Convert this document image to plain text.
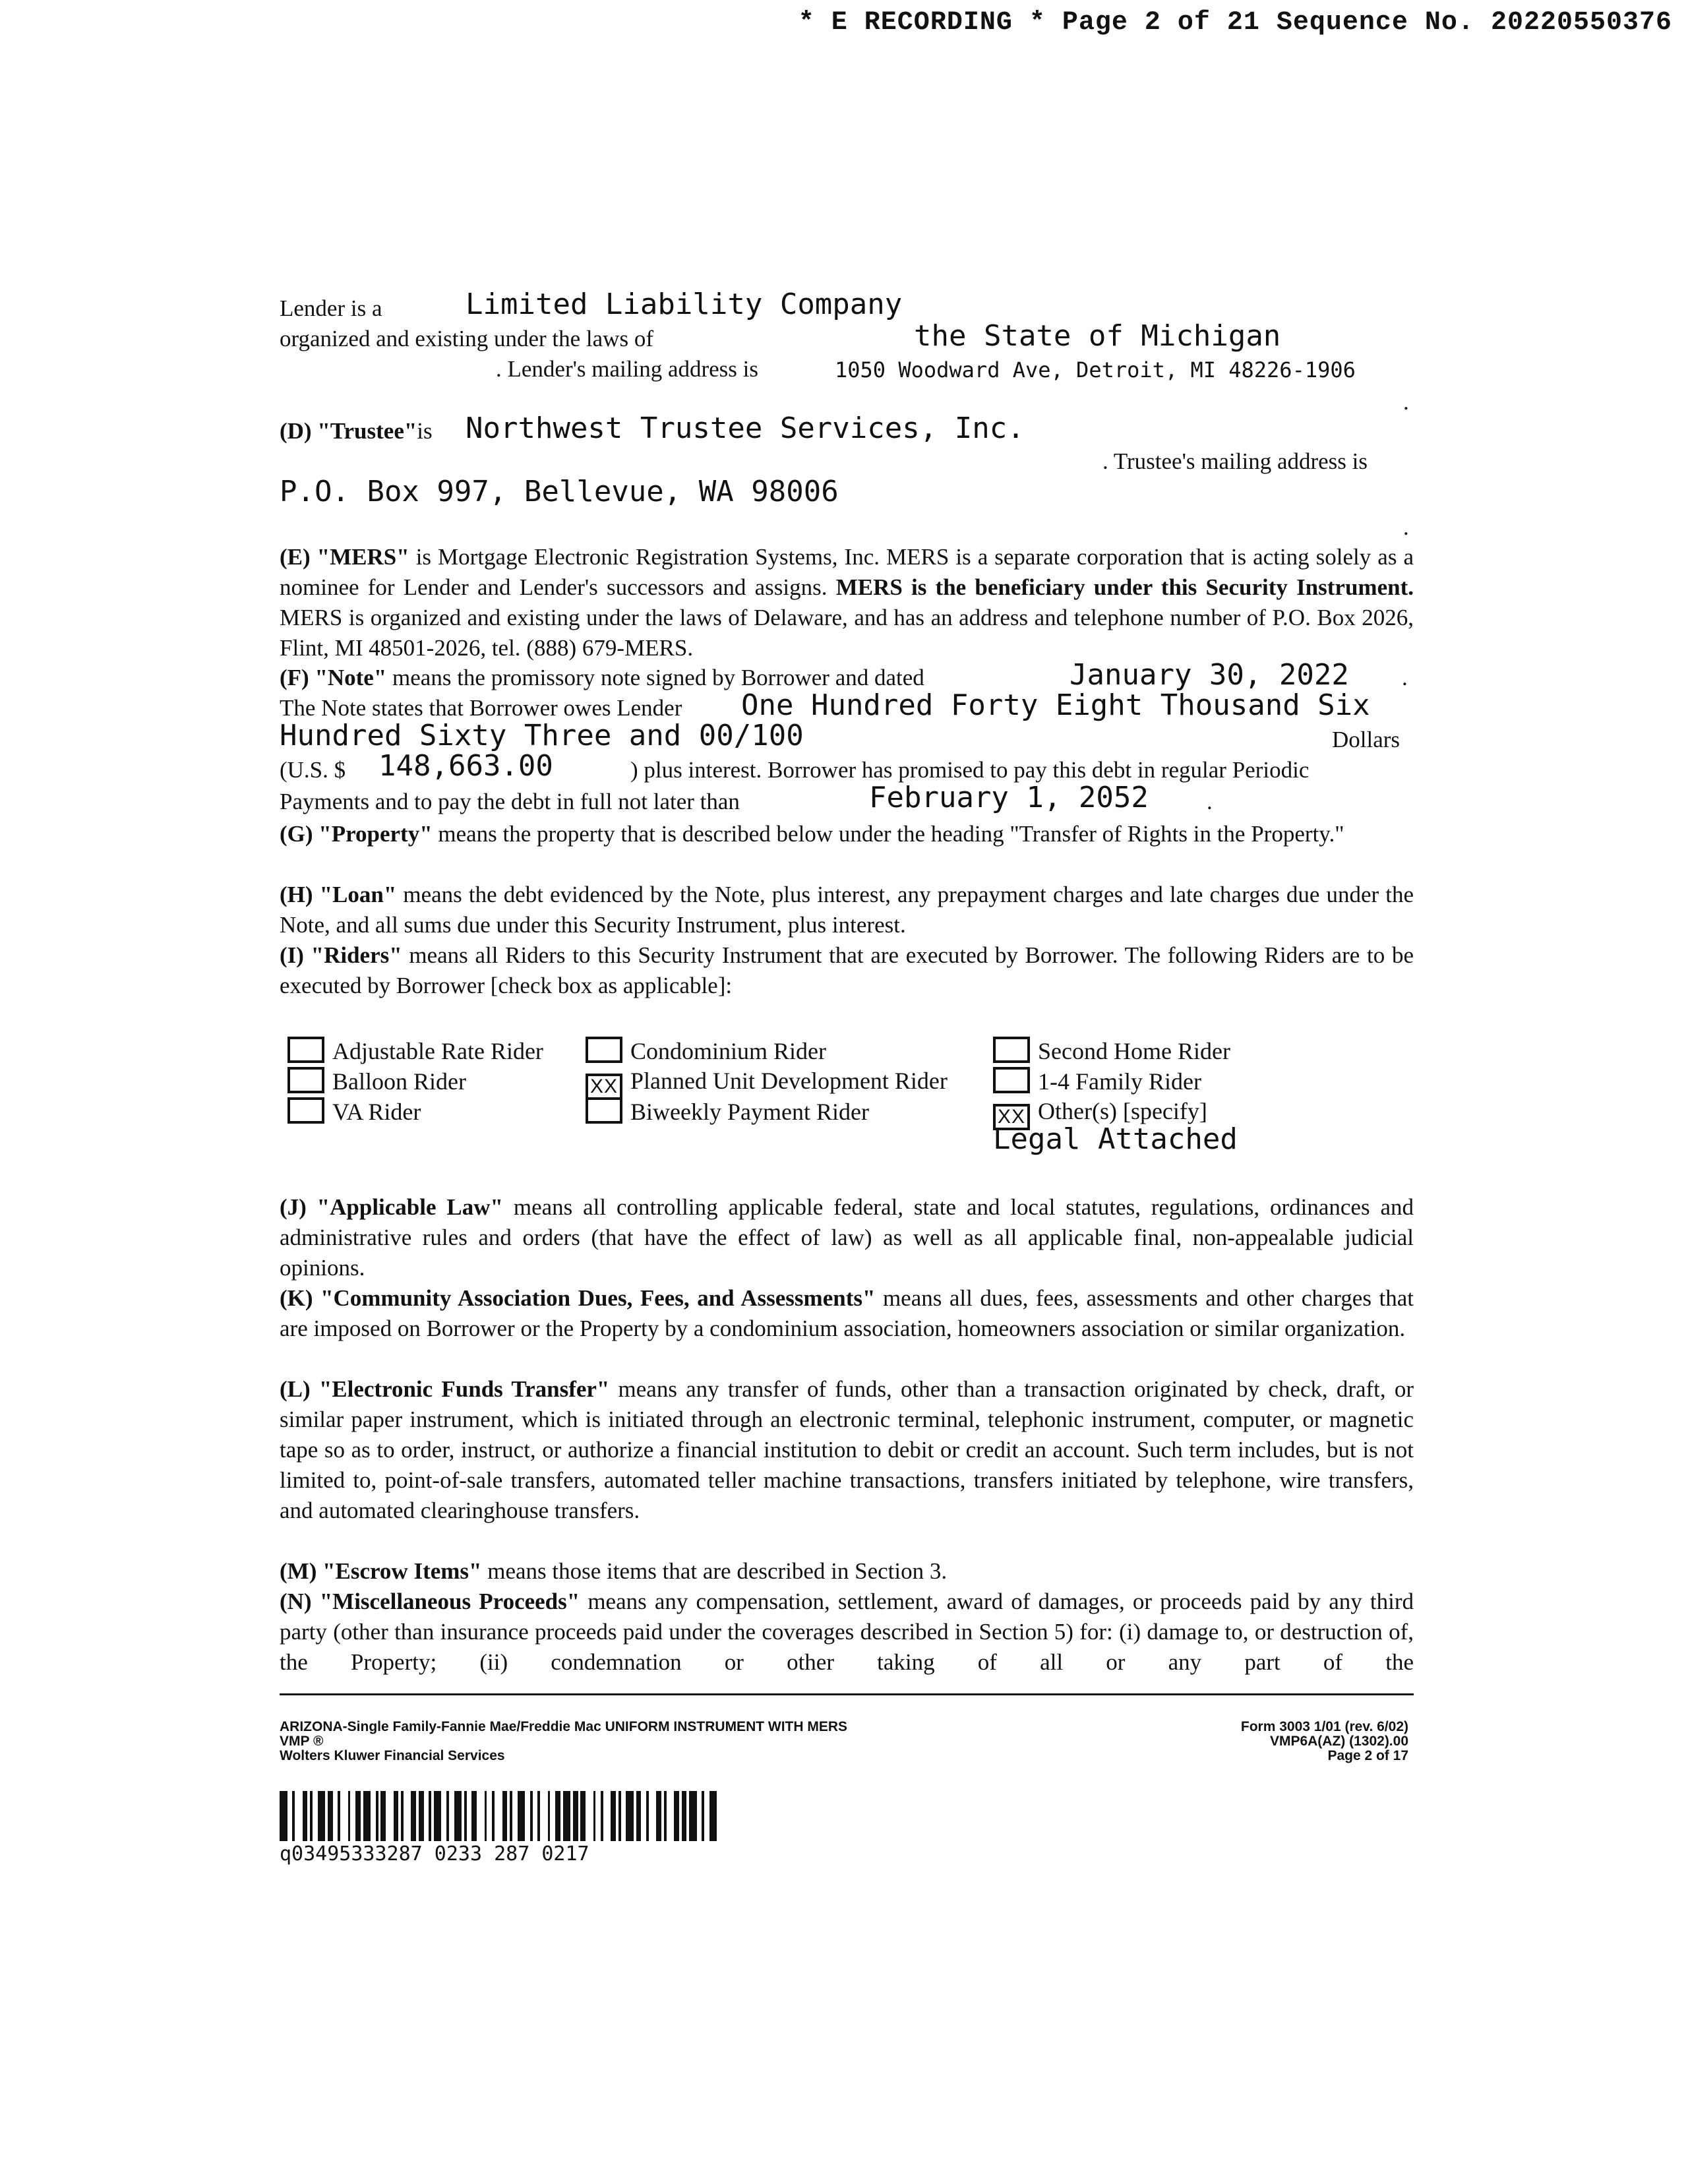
* E RECORDING * Page 2 of 21 Sequence No. 20220550376
Lender is a	Limited Liability Company
organized and existing under the laws of	the State of Michigan
. Lender's mailing address is	1050 Woodward Ave, Detroit, MI 48226-1906
.
(D) "Trustee"is Northwest Trustee Services, Inc.
. Trustee's mailing address is
P.O. Box 997, Bellevue, WA 98006
.
(E) "MERS" is Mortgage Electronic Registration Systems, Inc. MERS is a separate corporation that is acting solely as a nominee for Lender and Lender's successors and assigns. MERS is the beneficiary under this Security Instrument. MERS is organized and existing under the laws of Delaware, and has an address and telephone number of P.O. Box 2026, Flint, MI 48501-2026, tel. (888) 679-MERS.
(F) "Note" means the promissory note signed by Borrower and dated	January 30, 2022 .
The Note states that Borrower owes Lender One Hundred Forty Eight Thousand Six
Hundred Sixty Three and 00/100	Dollars
(U.S. $ 148,663.00	) plus interest. Borrower has promised to pay this debt in regular Periodic
Payments and to pay the debt in full not later than	February 1, 2052	.
(G) "Property" means the property that is described below under the heading "Transfer of Rights in the Property."
(H) "Loan" means the debt evidenced by the Note, plus interest, any prepayment charges and late charges due under the Note, and all sums due under this Security Instrument, plus interest.
(I) "Riders" means all Riders to this Security Instrument that are executed by Borrower. The following Riders are to be executed by Borrower [check box as applicable]:
Adjustable Rate Rider	Condominium Rider	Second Home Rider
Balloon Rider	XX Planned Unit Development Rider	1-4 Family Rider
VA Rider	Biweekly Payment Rider	XX Other(s) [specify]
Legal Attached
(J) "Applicable Law" means all controlling applicable federal, state and local statutes, regulations, ordinances and administrative rules and orders (that have the effect of law) as well as all applicable final, non-appealable judicial opinions.
(K) "Community Association Dues, Fees, and Assessments" means all dues, fees, assessments and other charges that are imposed on Borrower or the Property by a condominium association, homeowners association or similar organization.
(L) "Electronic Funds Transfer" means any transfer of funds, other than a transaction originated by check, draft, or similar paper instrument, which is initiated through an electronic terminal, telephonic instrument, computer, or magnetic tape so as to order, instruct, or authorize a financial institution to debit or credit an account. Such term includes, but is not limited to, point-of-sale transfers, automated teller machine transactions, transfers initiated by telephone, wire transfers, and automated clearinghouse transfers.
(M) "Escrow Items" means those items that are described in Section 3.
(N) "Miscellaneous Proceeds" means any compensation, settlement, award of damages, or proceeds paid by any third party (other than insurance proceeds paid under the coverages described in Section 5) for: (i) damage to, or destruction of, the Property; (ii) condemnation or other taking of all or any part of the
ARIZONA-Single Family-Fannie Mae/Freddie Mac UNIFORM INSTRUMENT WITH MERS
VMP ®
Wolters Kluwer Financial Services
Form 3003 1/01 (rev. 6/02)
VMP6A(AZ) (1302).00
Page 2 of 17
q03495333287 0233 287 0217
